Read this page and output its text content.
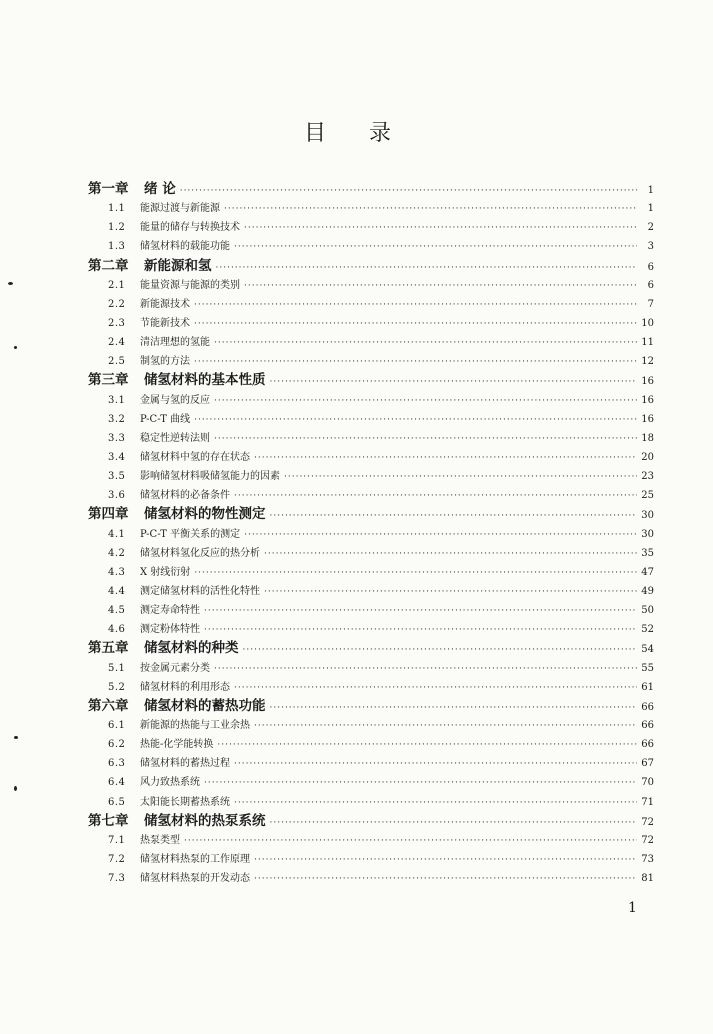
目 录
第一章	绪 论 ·····	1
1.1	能源过渡与新能源 ·····	1
1.2	能量的储存与转换技术 ·····	2
1.3	储氢材料的载能功能 ·····	3
第二章	新能源和氢 ·····	6
2.1	能量资源与能源的类别 ·····	6
2.2	新能源技术 ·····	7
2.3	节能新技术 ·····	10
2.4	清洁理想的氢能 ·····	11
2.5	制氢的方法 ·····	12
第三章	储氢材料的基本性质 ·····	16
3.1	金属与氢的反应 ·····	16
3.2	P-C-T 曲线 ·····	16
3.3	稳定性逆转法则 ·····	18
3.4	储氢材料中氢的存在状态 ·····	20
3.5	影响储氢材料吸储氢能力的因素 ·····	23
3.6	储氢材料的必备条件 ·····	25
第四章	储氢材料的物性测定 ·····	30
4.1	P-C-T 平衡关系的测定 ·····	30
4.2	储氢材料氢化反应的热分析 ·····	35
4.3	X 射线衍射 ·····	47
4.4	测定储氢材料的活性化特性 ·····	49
4.5	测定寿命特性 ·····	50
4.6	测定粉体特性 ·····	52
第五章	储氢材料的种类 ·····	54
5.1	按金属元素分类 ·····	55
5.2	储氢材料的利用形态 ·····	61
第六章	储氢材料的蓄热功能 ·····	66
6.1	新能源的热能与工业余热 ·····	66
6.2	热能-化学能转换 ·····	66
6.3	储氢材料的蓄热过程 ·····	67
6.4	风力致热系统 ·····	70
6.5	太阳能长期蓄热系统 ·····	71
第七章	储氢材料的热泵系统 ·····	72
7.1	热泵类型 ·····	72
7.2	储氢材料热泵的工作原理 ·····	73
7.3	储氢材料热泵的开发动态 ·····	81
1
